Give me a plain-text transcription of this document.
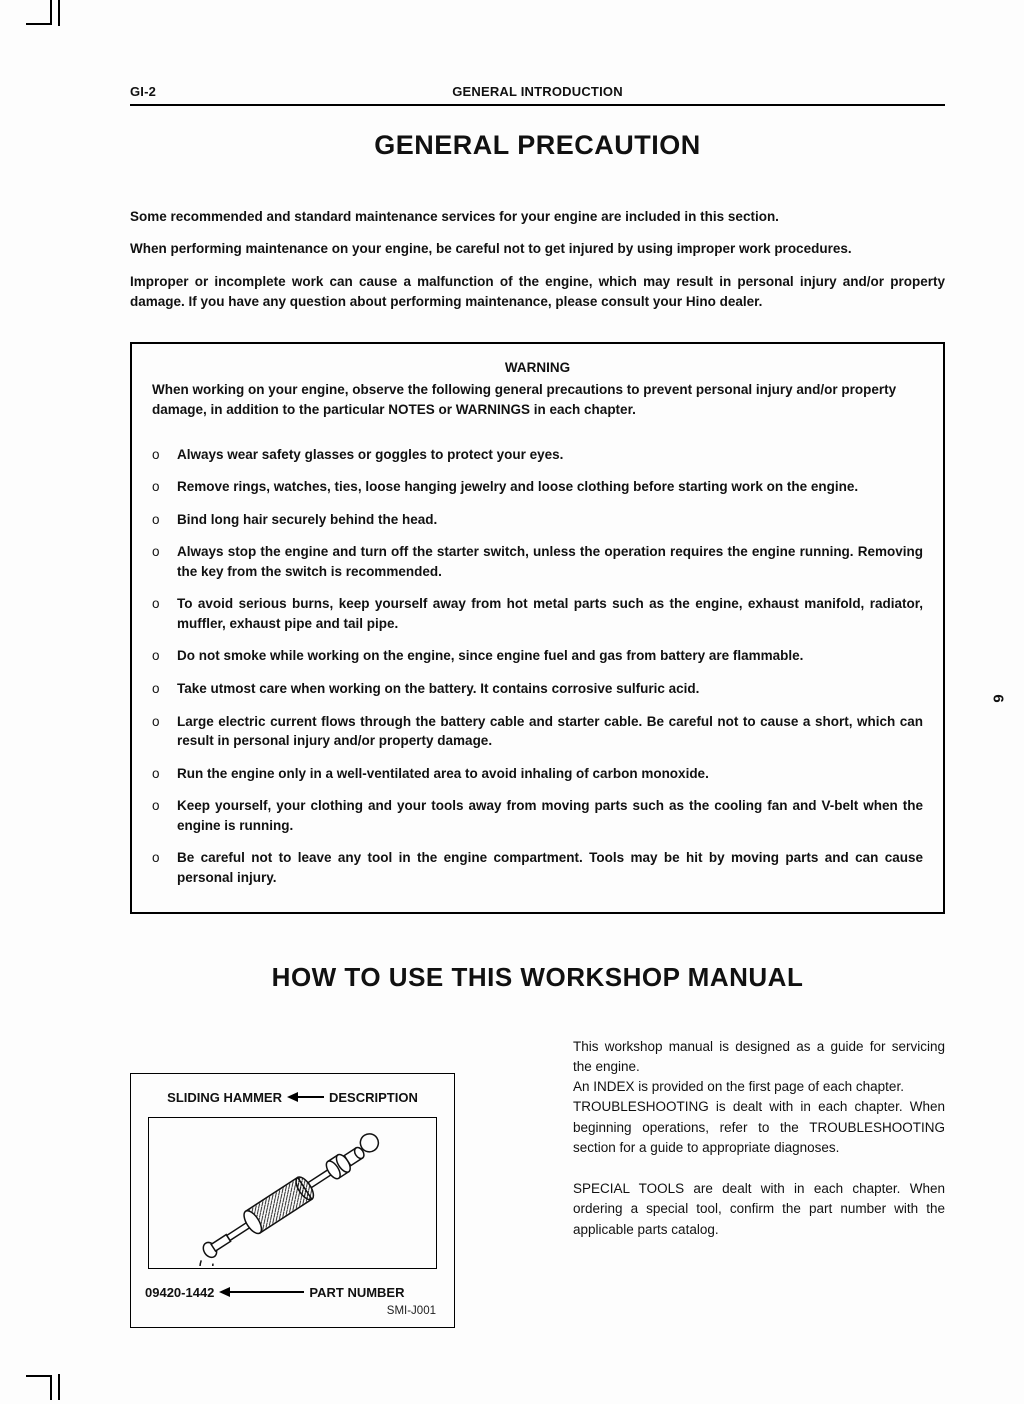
6
GI-2	GENERAL INTRODUCTION
GENERAL PRECAUTION

Some recommended and standard maintenance services for your engine are included in this section.

When performing maintenance on your engine, be careful not to get injured by using improper work procedures.

Improper or incomplete work can cause a malfunction of the engine, which may result in personal injury and/or property damage. If you have any question about performing maintenance, please consult your Hino dealer.

WARNING
When working on your engine, observe the following general precautions to prevent personal injury and/or property damage, in addition to the particular NOTES or WARNINGS in each chapter.
o	Always wear safety glasses or goggles to protect your eyes.
o	Remove rings, watches, ties, loose hanging jewelry and loose clothing before starting work on the engine.
o	Bind long hair securely behind the head.
o	Always stop the engine and turn off the starter switch, unless the operation requires the engine running. Removing the key from the switch is recommended.
o	To avoid serious burns, keep yourself away from hot metal parts such as the engine, exhaust manifold, radiator, muffler, exhaust pipe and tail pipe.
o	Do not smoke while working on the engine, since engine fuel and gas from battery are flammable.
o	Take utmost care when working on the battery. It contains corrosive sulfuric acid.
o	Large electric current flows through the battery cable and starter cable. Be careful not to cause a short, which can result in personal injury and/or property damage.
o	Run the engine only in a well-ventilated area to avoid inhaling of carbon monoxide.
o	Keep yourself, your clothing and your tools away from moving parts such as the cooling fan and V-belt when the engine is running.
o	Be careful not to leave any tool in the engine compartment. Tools may be hit by moving parts and can cause personal injury.
HOW TO USE THIS WORKSHOP MANUAL
SLIDING HAMMER	DESCRIPTION
09420-1442	PART NUMBER
SMI-J001

This workshop manual is designed as a guide for servicing the engine.

An INDEX is provided on the first page of each chapter.

TROUBLESHOOTING is dealt with in each chapter. When beginning operations, refer to the TROUBLESHOOTING section for a guide to appropriate diagnoses.

SPECIAL TOOLS are dealt with in each chapter. When ordering a special tool, confirm the part number with the applicable parts catalog.
